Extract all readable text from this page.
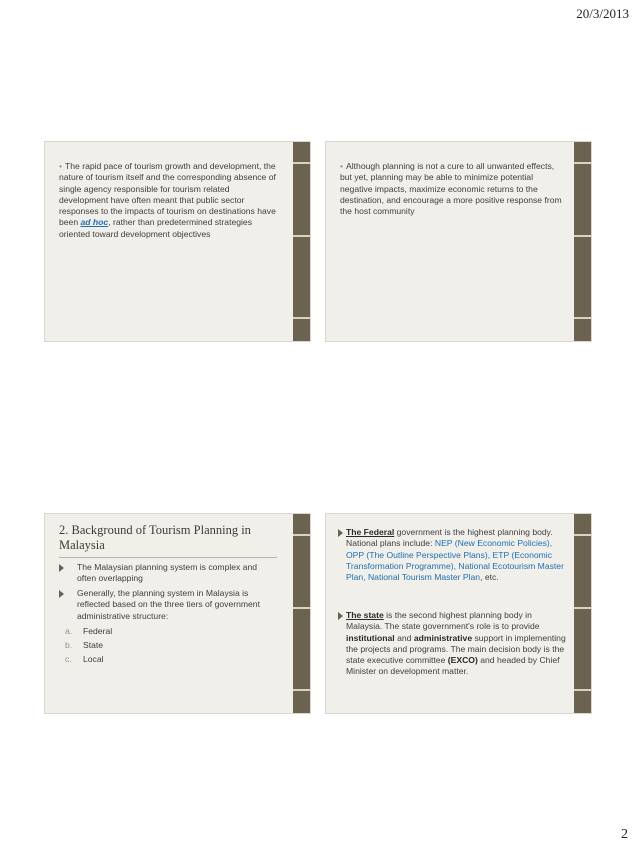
20/3/2013
• The rapid pace of tourism growth and development, the nature of tourism itself and the corresponding absence of single agency responsible for tourism related development have often meant that public sector responses to the impacts of tourism on destinations have been ad hoc, rather than predetermined strategies oriented toward development objectives
• Although planning is not a cure to all unwanted effects, but yet, planning may be able to minimize potential negative impacts, maximize economic returns to the destination, and encourage a more positive response from the host community
2. Background of Tourism Planning in Malaysia
The Malaysian planning system is complex and often overlapping
Generally, the planning system in Malaysia is reflected based on the three tiers of government administrative structure:
a. Federal
b. State
c. Local
The Federal government is the highest planning body. National plans include: NEP (New Economic Policies), OPP (The Outline Perspective Plans), ETP (Economic Transformation Programme), National Ecotourism Master Plan, National Tourism Master Plan, etc.
The state is the second highest planning body in Malaysia. The state government's role is to provide institutional and administrative support in implementing the projects and programs. The main decision body is the state executive committee (EXCO) and headed by Chief Minister on development matter.
2
